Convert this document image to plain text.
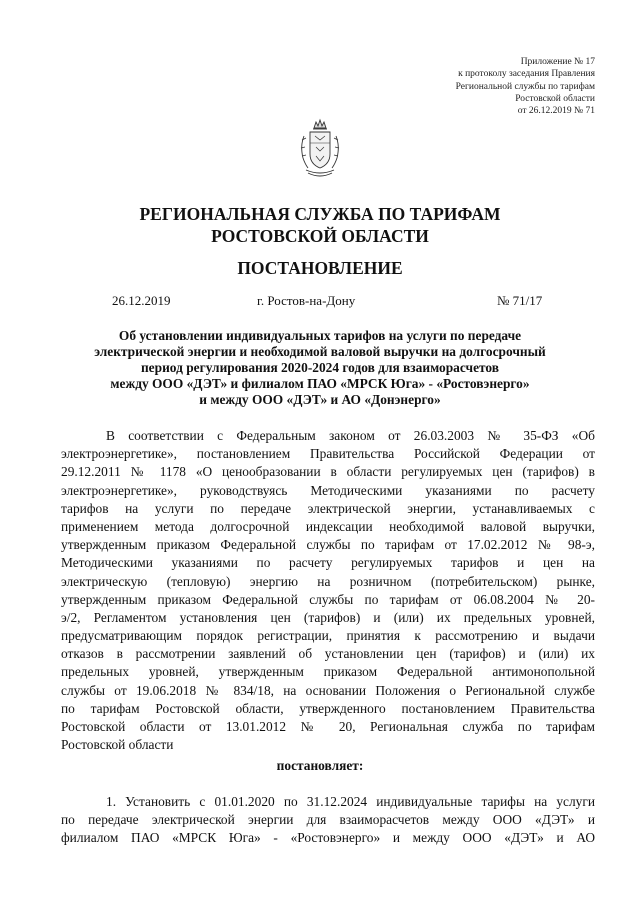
Приложение № 17
к протоколу заседания Правления
Региональной службы по тарифам
Ростовской области
от 26.12.2019 № 71
РЕГИОНАЛЬНАЯ СЛУЖБА ПО ТАРИФАМ
РОСТОВСКОЙ ОБЛАСТИ
ПОСТАНОВЛЕНИЕ
26.12.2019	г. Ростов-на-Дону	№ 71/17
Об установлении индивидуальных тарифов на услуги по передаче
электрической энергии и необходимой валовой выручки на долгосрочный
период регулирования 2020-2024 годов для взаиморасчетов
между ООО «ДЭТ» и филиалом ПАО «МРСК Юга» - «Ростовэнерго»
и между ООО «ДЭТ» и АО «Донэнерго»
В соответствии с Федеральным законом от 26.03.2003 № 35-ФЗ «Об
электроэнергетике», постановлением Правительства Российской Федерации от
29.12.2011 № 1178 «О ценообразовании в области регулируемых цен (тарифов) в
электроэнергетике», руководствуясь Методическими указаниями по расчету
тарифов на услуги по передаче электрической энергии, устанавливаемых с
применением метода долгосрочной индексации необходимой валовой выручки,
утвержденным приказом Федеральной службы по тарифам от 17.02.2012 № 98-э,
Методическими указаниями по расчету регулируемых тарифов и цен на
электрическую (тепловую) энергию на розничном (потребительском) рынке,
утвержденным приказом Федеральной службы по тарифам от 06.08.2004 № 20-
э/2, Регламентом установления цен (тарифов) и (или) их предельных уровней,
предусматривающим порядок регистрации, принятия к рассмотрению и выдачи
отказов в рассмотрении заявлений об установлении цен (тарифов) и (или) их
предельных уровней, утвержденным приказом Федеральной антимонопольной
службы от 19.06.2018 № 834/18, на основании Положения о Региональной службе
по тарифам Ростовской области, утвержденного постановлением Правительства
Ростовской области от 13.01.2012 № 20, Региональная служба по тарифам
Ростовской области
постановляет:
1. Установить с 01.01.2020 по 31.12.2024 индивидуальные тарифы на услуги
по передаче электрической энергии для взаиморасчетов между ООО «ДЭТ» и
филиалом ПАО «МРСК Юга» - «Ростовэнерго» и между ООО «ДЭТ» и АО
